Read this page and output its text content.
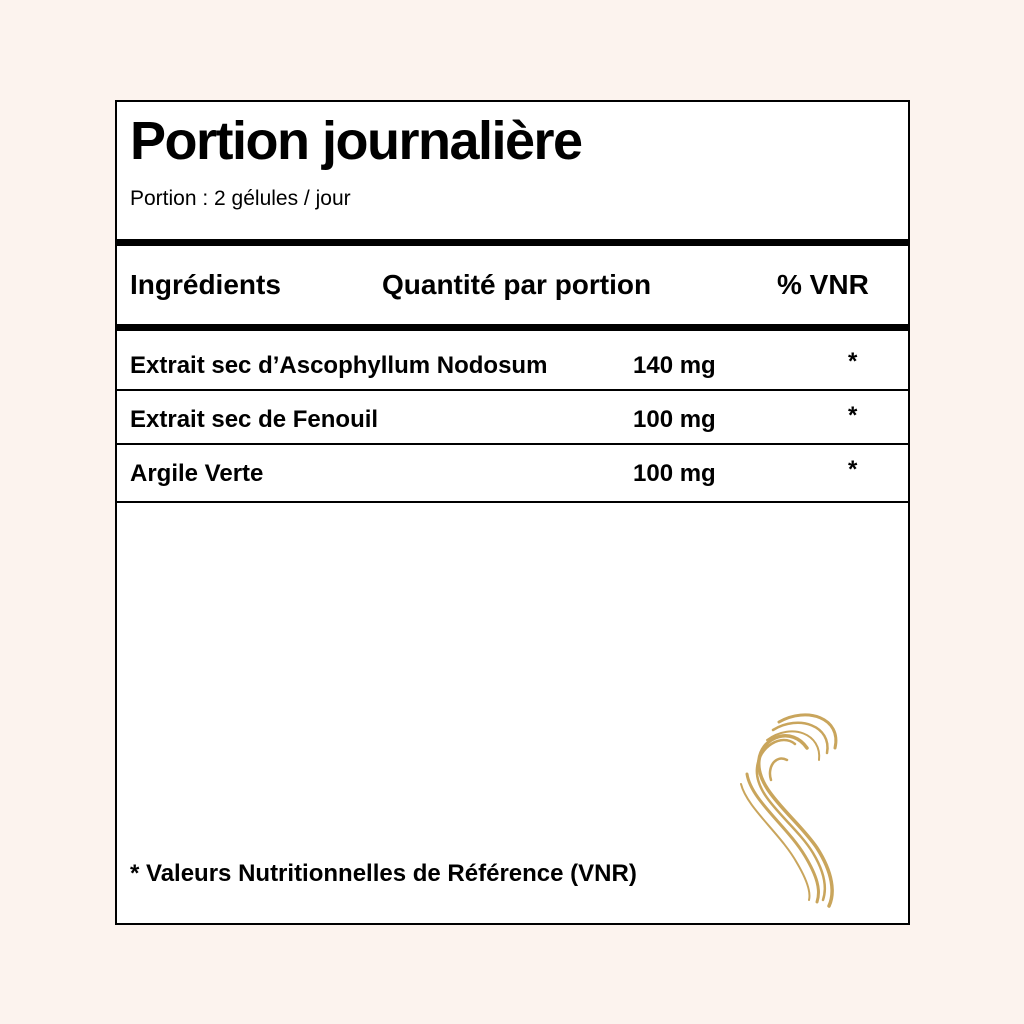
Portion journalière
Portion : 2 gélules / jour
Ingrédients	Quantité par portion	% VNR
Extrait sec d’Ascophyllum Nodosum	140 mg	*
Extrait sec de Fenouil	100 mg	*
Argile Verte	100 mg	*
* Valeurs Nutritionnelles de Référence (VNR)
